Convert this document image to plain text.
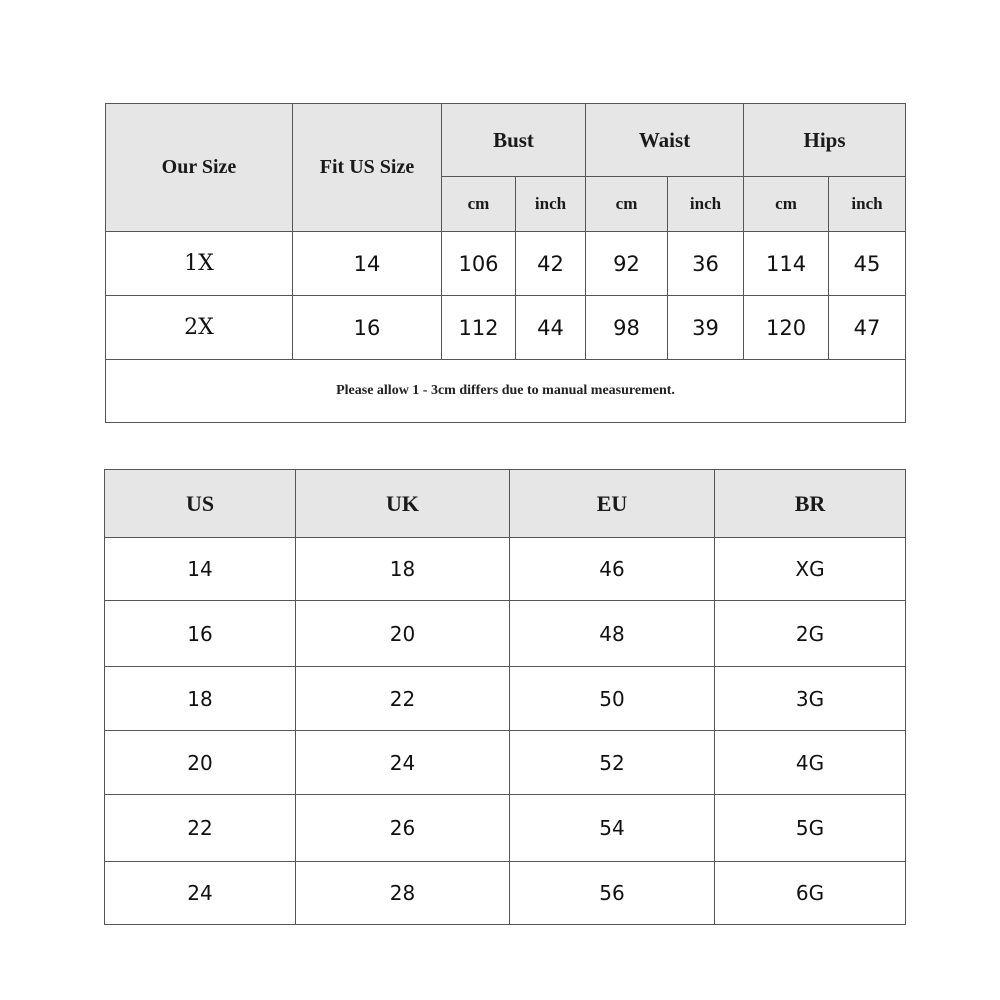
Our Size	Fit US Size	Bust		Waist		Hips	
		cm	inch	cm	inch	cm	inch
1X	14	106	42	92	36	114	45
2X	16	112	44	98	39	120	47
Please allow 1 - 3cm differs due to manual measurement.							
US	UK	EU	BR
14	18	46	XG
16	20	48	2G
18	22	50	3G
20	24	52	4G
22	26	54	5G
24	28	56	6G
